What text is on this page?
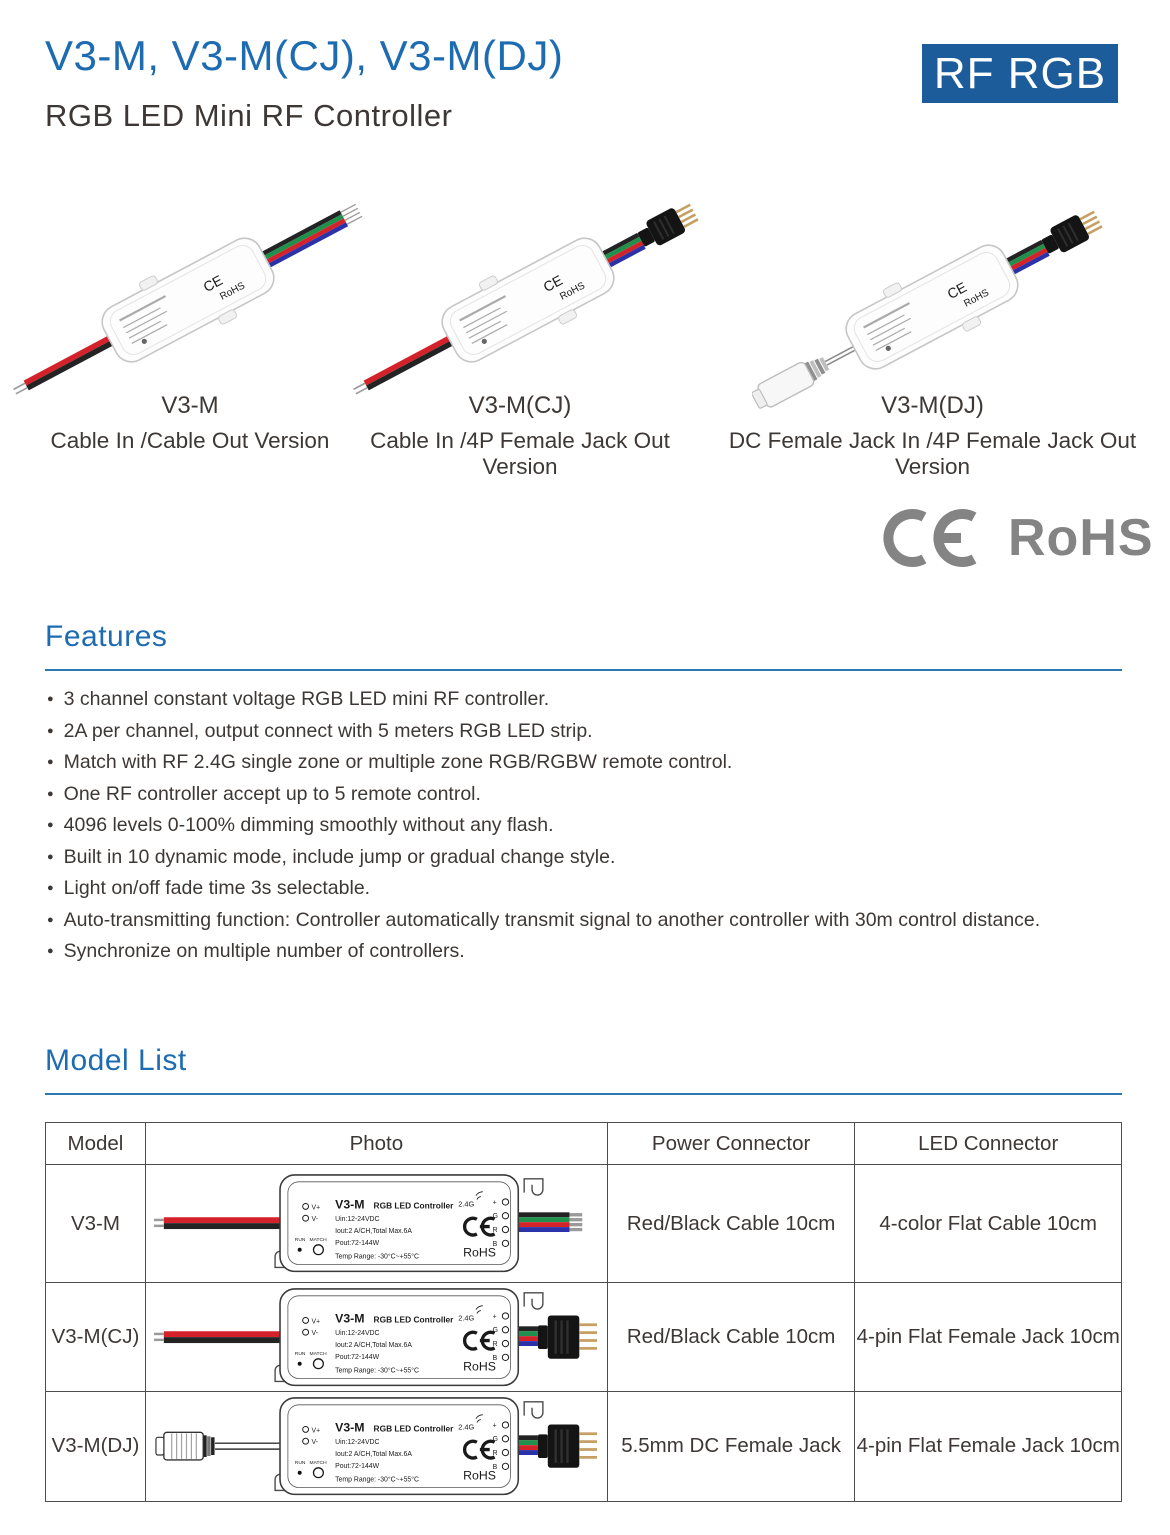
V3-M, V3-M(CJ), V3-M(DJ)	RF RGB
RGB LED Mini RF Controller
V3-M
Cable In /Cable Out Version
V3-M(CJ)
Cable In /4P Female Jack Out Version
V3-M(DJ)
DC Female Jack In /4P Female Jack Out Version
RoHS
Features
● 3 channel constant voltage RGB LED mini RF controller.
● 2A per channel, output connect with 5 meters RGB LED strip.
● Match with RF 2.4G single zone or multiple zone RGB/RGBW remote control.
● One RF controller accept up to 5 remote control.
● 4096 levels 0-100% dimming smoothly without any flash.
● Built in 10 dynamic mode, include jump or gradual change style.
● Light on/off fade time 3s selectable.
● Auto-transmitting function: Controller automatically transmit signal to another controller with 30m control distance.
● Synchronize on multiple number of controllers.
Model List
Model	Photo	Power Connector	LED Connector
V3-M		Red/Black Cable 10cm	4-color Flat Cable 10cm
V3-M(CJ)		Red/Black Cable 10cm	4-pin Flat Female Jack 10cm
V3-M(DJ)		5.5mm DC Female Jack	4-pin Flat Female Jack 10cm
